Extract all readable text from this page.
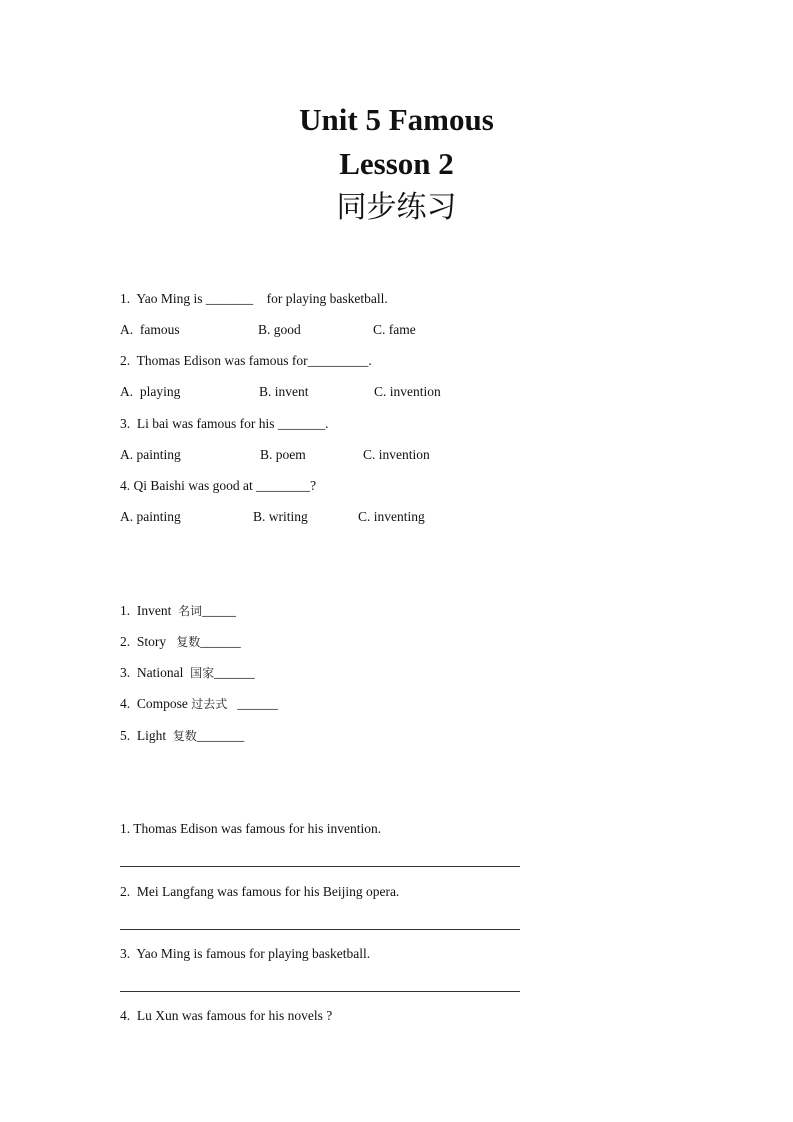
Unit 5 Famous
Lesson 2
同步练习
1.  Yao Ming is _______    for playing basketball.

A.  famous

	B. good

	C. fame

2.  Thomas Edison was famous for_________.

A.  playing

	B. invent

	C. invention

3.  Li bai was famous for his _______.

A. painting

	B. poem

	C. invention

4. Qi Baishi was good at ________?

A. painting

	B. writing

	C. inventing

1.  Invent  名词_____
2.  Story   复数______
3.  National  国家______
4.  Compose 过去式   ______
5.  Light  复数_______
1. Thomas Edison was famous for his invention.
2.  Mei Langfang was famous for his Beijing opera.
3.  Yao Ming is famous for playing basketball.
4.  Lu Xun was famous for his novels ?
